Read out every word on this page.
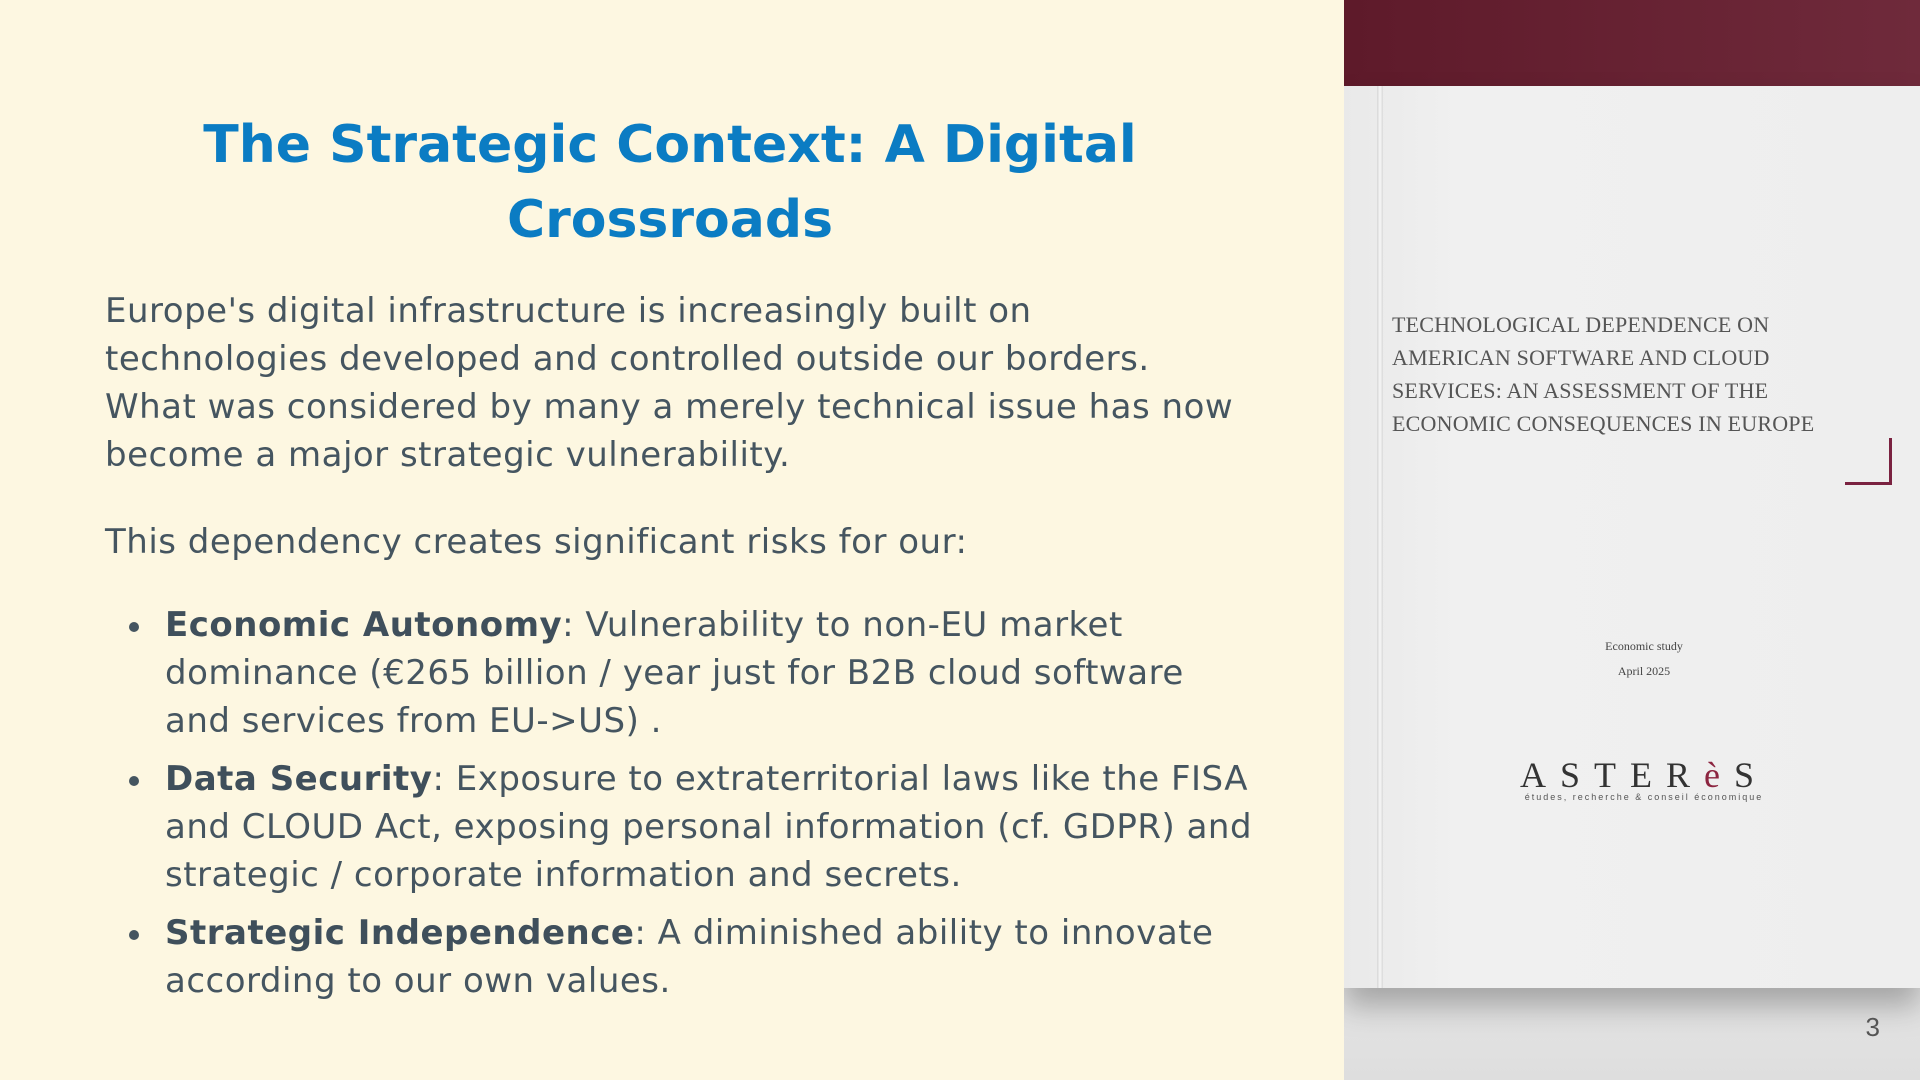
The Strategic Context: A Digital Crossroads

Europe's digital infrastructure is increasingly built on technologies developed and controlled outside our borders. What was considered by many a merely technical issue has now become a major strategic vulnerability.

This dependency creates significant risks for our:

Economic Autonomy: Vulnerability to non-EU market dominance (€265 billion / year just for B2B cloud software and services from EU->US) .
Data Security: Exposure to extraterritorial laws like the FISA and CLOUD Act, exposing personal information (cf. GDPR) and strategic / corporate information and secrets.
Strategic Independence: A diminished ability to innovate according to our own values.
TECHNOLOGICAL DEPENDENCE ON AMERICAN SOFTWARE AND CLOUD SERVICES: AN ASSESSMENT OF THE ECONOMIC CONSEQUENCES IN EUROPE
Economic study
April 2025
ASTERèS
études, recherche & conseil économique
3
